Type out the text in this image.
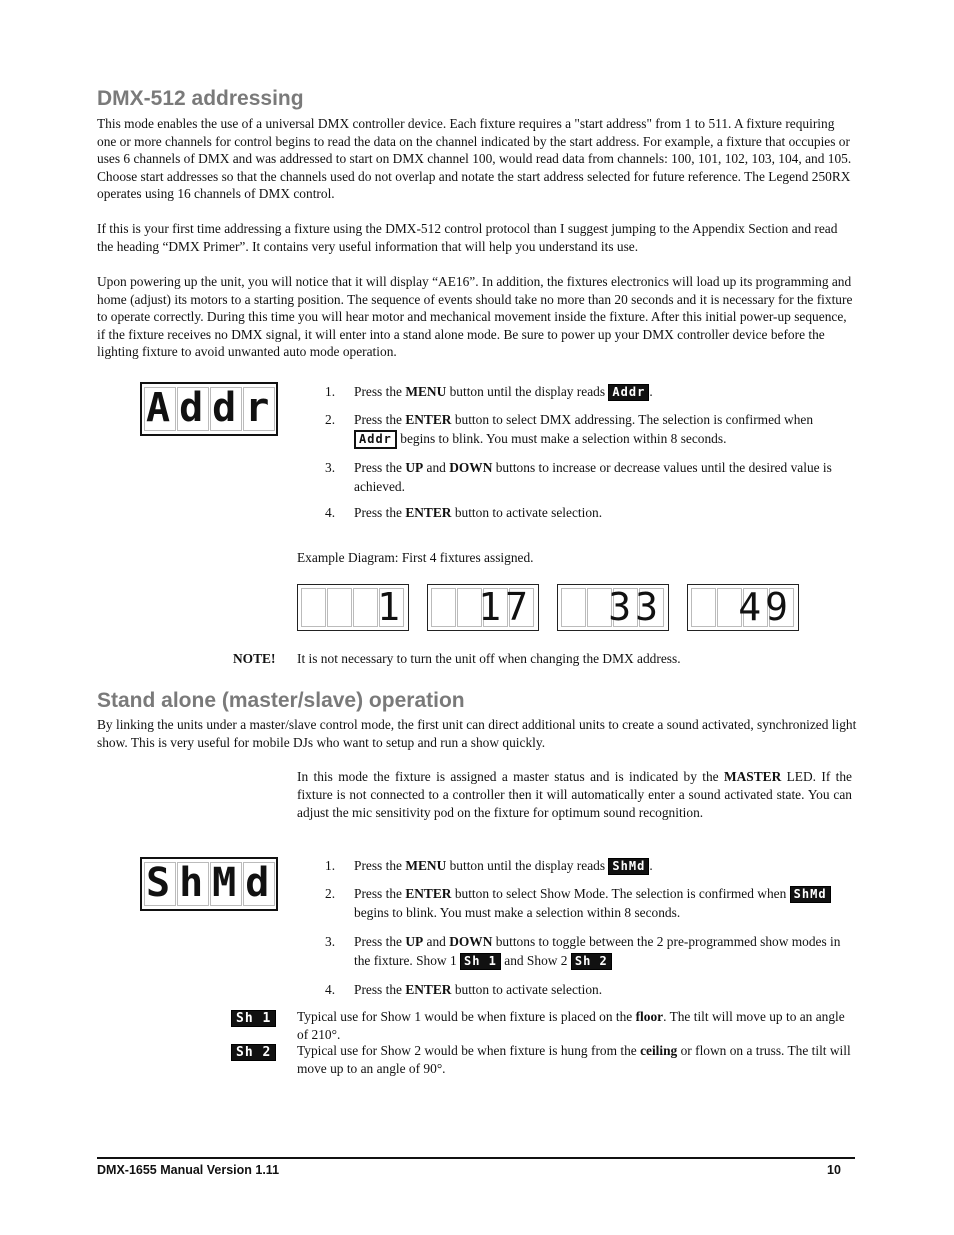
DMX-512 addressing

This mode enables the use of a universal DMX controller device. Each fixture requires a "start address" from 1 to 511. A fixture requiring one or more channels for control begins to read the data on the channel indicated by the start address. For example, a fixture that occupies or uses 6 channels of DMX and was addressed to start on DMX channel 100, would read data from channels: 100, 101, 102, 103, 104, and 105. Choose start addresses so that the channels used do not overlap and notate the start address selected for future reference. The Legend 250RX operates using 16 channels of DMX control.

If this is your first time addressing a fixture using the DMX-512 control protocol than I suggest jumping to the Appendix Section and read the heading “DMX Primer”. It contains very useful information that will help you understand its use.

Upon powering up the unit, you will notice that it will display “AE16”. In addition, the fixtures electronics will load up its programming and home (adjust) its motors to a starting position. The sequence of events should take no more than 20 seconds and it is necessary for the fixture to operate correctly. During this time you will hear motor and mechanical movement inside the fixture. After this initial power-up sequence, if the fixture receives no DMX signal, it will enter into a stand alone mode. Be sure to power up your DMX controller device before the lighting fixture to avoid unwanted auto mode operation.

Addr	1. Press the MENU button until the display reads Addr .
2. Press the ENTER button to select DMX addressing. The selection is confirmed when Addr begins to blink. You must make a selection within 8 seconds.
3. Press the UP and DOWN buttons to increase or decrease values until the desired value is achieved.
4. Press the ENTER button to activate selection.
Example Diagram: First 4 fixtures assigned.
1 17 33 49
NOTE! It is not necessary to turn the unit off when changing the DMX address.
Stand alone (master/slave) operation

By linking the units under a master/slave control mode, the first unit can direct additional units to create a sound activated, synchronized light show. This is very useful for mobile DJs who want to setup and run a show quickly.

In this mode the fixture is assigned a master status and is indicated by the MASTER LED. If the fixture is not connected to a controller then it will automatically enter a sound activated state. You can adjust the mic sensitivity pod on the fixture for optimum sound recognition.

ShMd	1. Press the MENU button until the display reads ShMd .
2. Press the ENTER button to select Show Mode. The selection is confirmed when ShMd begins to blink. You must make a selection within 8 seconds.
3. Press the UP and DOWN buttons to toggle between the 2 pre-programmed show modes in the fixture. Show 1 Sh 1 and Show 2 Sh 2
4. Press the ENTER button to activate selection.
Sh 1	Typical use for Show 1 would be when fixture is placed on the floor. The tilt will move up to an angle of 210°.

Sh 2	Typical use for Show 2 would be when fixture is hung from the ceiling or flown on a truss. The tilt will move up to an angle of 90°.

DMX-1655 Manual Version 1.11	10
